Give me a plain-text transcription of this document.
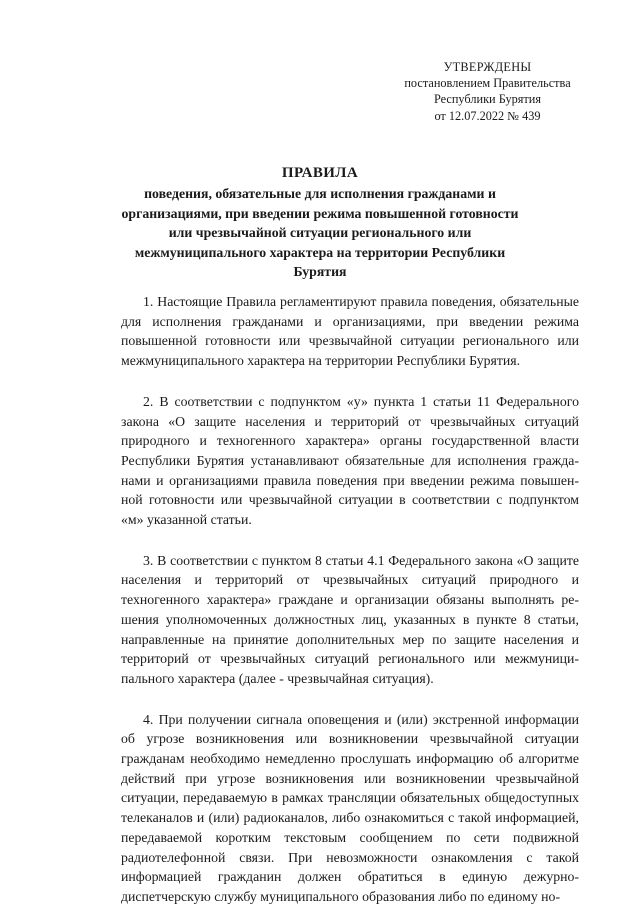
УТВЕРЖДЕНЫ
постановлением Правительства
Республики Бурятия
от 12.07.2022 № 439
ПРАВИЛА
поведения, обязательные для исполнения гражданами и организациями, при введении режима повышенной готовности или чрезвычайной ситуации регионального или межмуниципального характера на территории Республики Бурятия

1. Настоящие Правила регламентируют правила поведения, обязательные для исполнения гражданами и организациями, при введении режима повышенной готовности или чрезвычайной ситуации регионального или межмуниципального характера на территории Республики Бурятия.

2. В соответствии с подпунктом «у» пункта 1 статьи 11 Федерального закона «О защите населения и территорий от чрезвычайных ситуаций природного и техногенного характера» органы государственной власти Республики Бурятия устанавливают обязательные для исполнения гражданами и организациями правила поведения при введении режима повышенной готовности или чрезвычайной ситуации в соответствии с подпунктом «м» указанной статьи.

3. В соответствии с пунктом 8 статьи 4.1 Федерального закона «О защите населения и территорий от чрезвычайных ситуаций природного и техногенного характера» граждане и организации обязаны выполнять решения уполномоченных должностных лиц, указанных в пункте 8 статьи, направленные на принятие дополнительных мер по защите населения и территорий от чрезвычайных ситуаций регионального или межмуниципального характера (далее - чрезвычайная ситуация).

4. При получении сигнала оповещения и (или) экстренной информации об угрозе возникновения или возникновении чрезвычайной ситуации гражданам необходимо немедленно прослушать информацию об алгоритме действий при угрозе возникновения или возникновении чрезвычайной ситуации, передаваемую в рамках трансляции обязательных общедоступных телеканалов и (или) радиоканалов, либо ознакомиться с такой информацией, передаваемой коротким текстовым сообщением по сети подвижной радиотелефонной связи. При невозможности ознакомления с такой информацией гражданин должен обратиться в единую дежурно-диспетчерскую службу муниципального образования либо по единому но-
